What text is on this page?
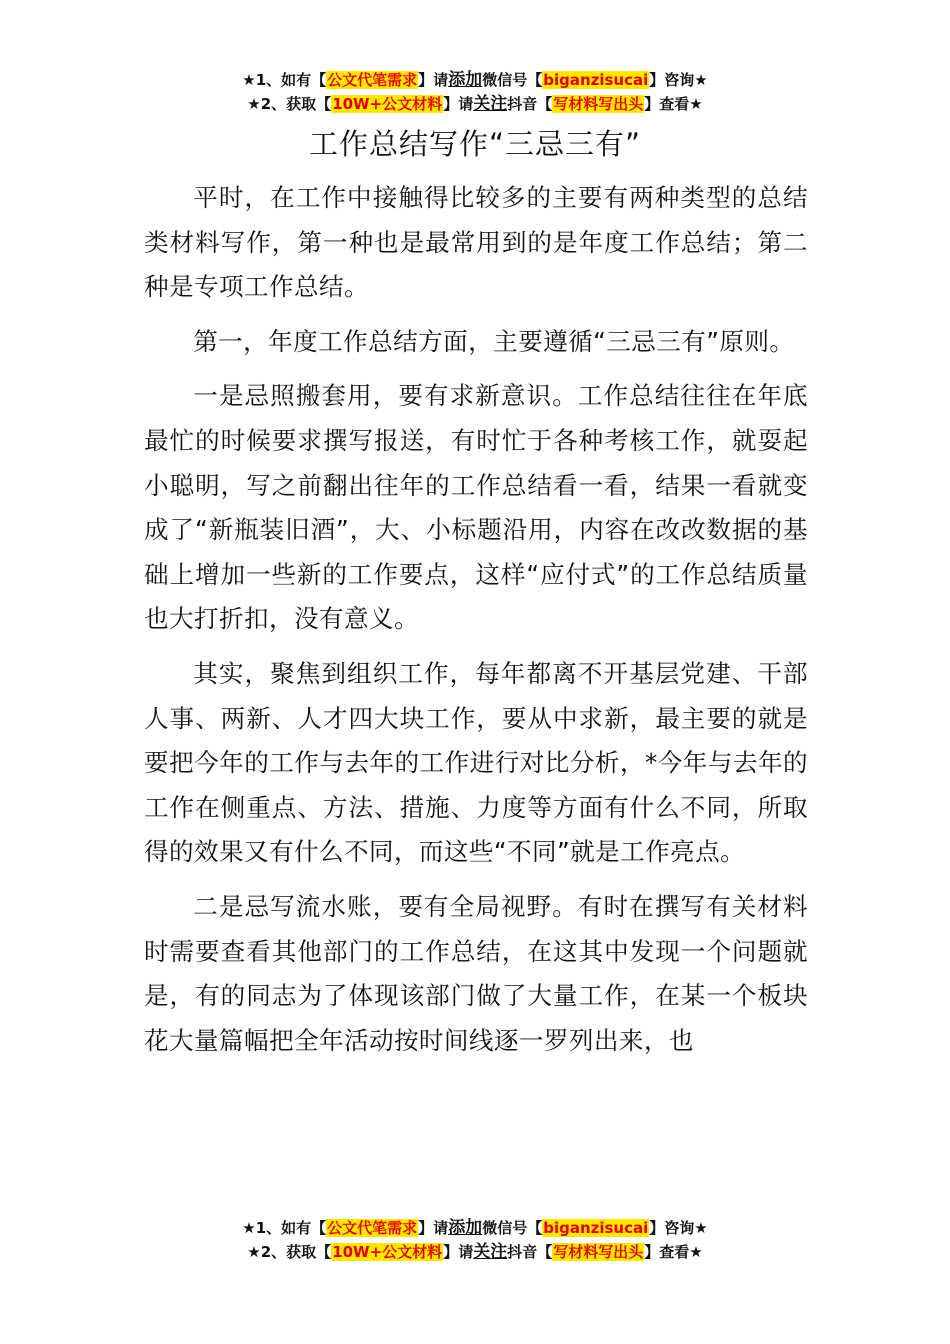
★1、如有【公文代笔需求】请添加微信号【biganzisucai】咨询★
★2、获取【10W+公文材料】请关注抖音【写材料写出头】查看★
工作总结写作“三忌三有”

平时，在工作中接触得比较多的主要有两种类型的总结类材料写作，第一种也是最常用到的是年度工作总结；第二种是专项工作总结。

第一，年度工作总结方面，主要遵循“三忌三有”原则。

一是忌照搬套用，要有求新意识。工作总结往往在年底最忙的时候要求撰写报送，有时忙于各种考核工作，就耍起小聪明，写之前翻出往年的工作总结看一看，结果一看就变成了“新瓶装旧酒”，大、小标题沿用，内容在改改数据的基础上增加一些新的工作要点，这样“应付式”的工作总结质量也大打折扣，没有意义。

其实，聚焦到组织工作，每年都离不开基层党建、干部人事、两新、人才四大块工作，要从中求新，最主要的就是要把今年的工作与去年的工作进行对比分析，*今年与去年的工作在侧重点、方法、措施、力度等方面有什么不同，所取得的效果又有什么不同，而这些“不同”就是工作亮点。

二是忌写流水账，要有全局视野。有时在撰写有关材料时需要查看其他部门的工作总结，在这其中发现一个问题就是，有的同志为了体现该部门做了大量工作，在某一个板块花大量篇幅把全年活动按时间线逐一罗列出来，也

★1、如有【公文代笔需求】请添加微信号【biganzisucai】咨询★
★2、获取【10W+公文材料】请关注抖音【写材料写出头】查看★
